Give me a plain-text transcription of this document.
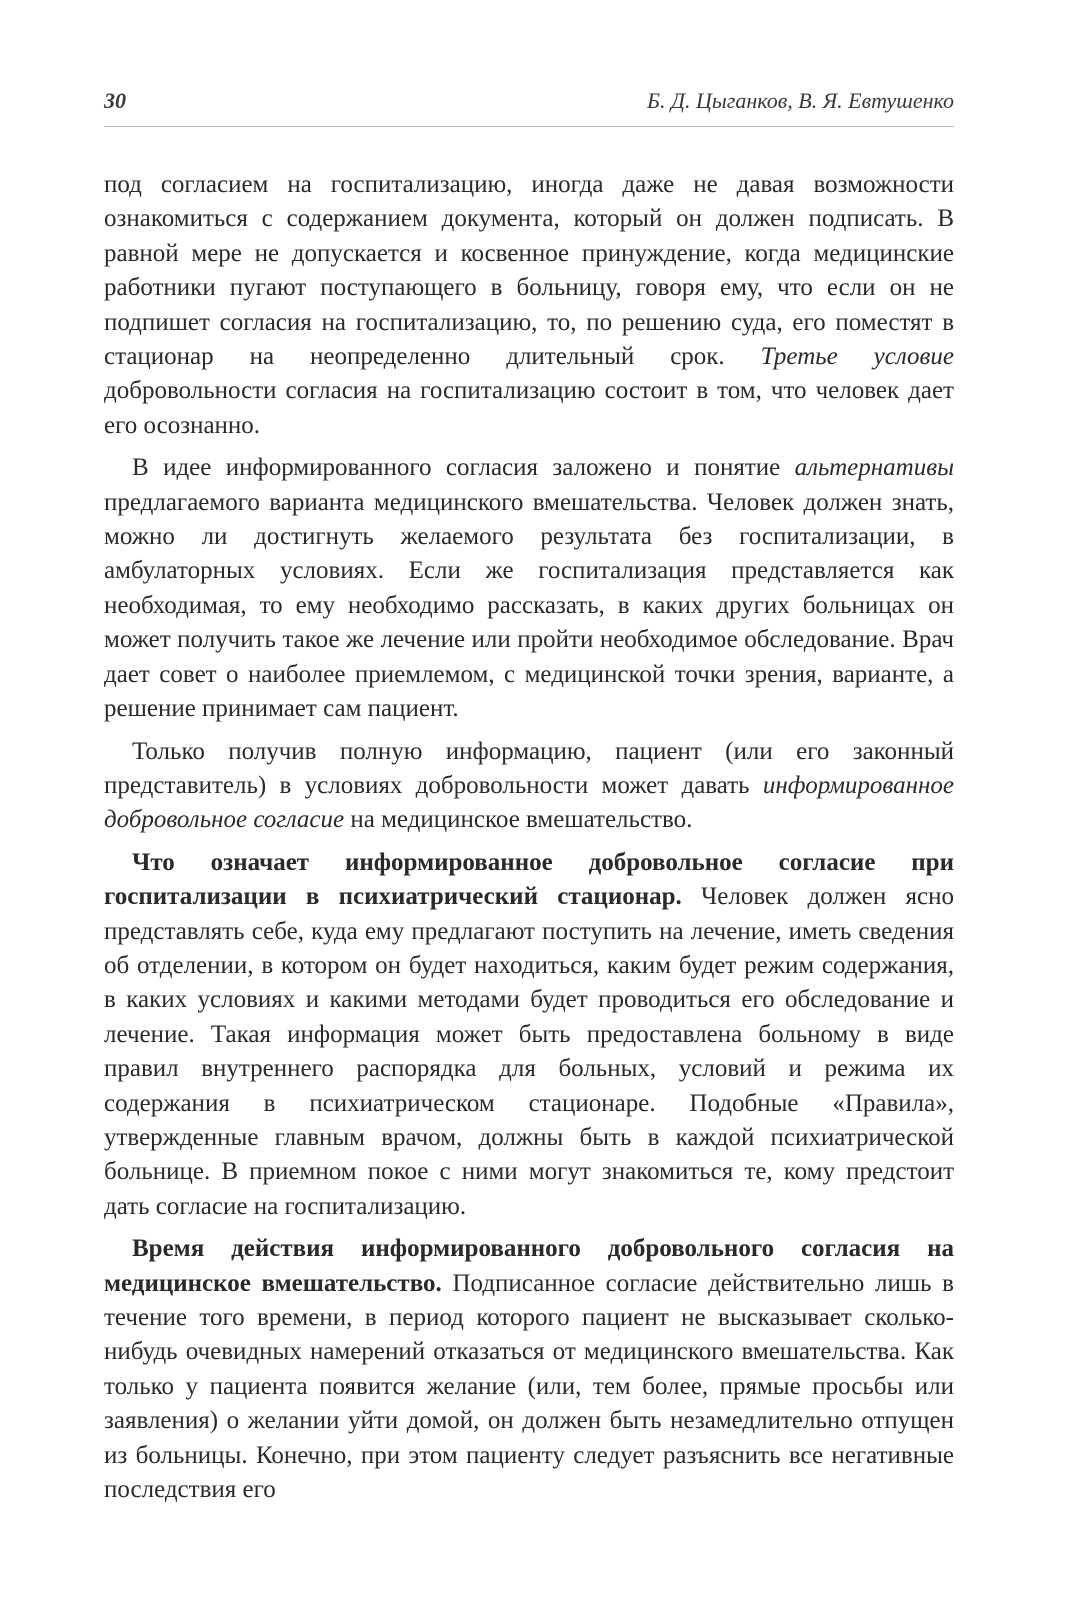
30	Б. Д. Цыганков, В. Я. Евтушенко

под согласием на госпитализацию, иногда даже не давая возможности ознакомиться с содержанием документа, который он должен подписать. В равной мере не допускается и косвенное принуждение, когда медицинские работники пугают поступающего в больницу, говоря ему, что если он не подпишет согласия на госпитализацию, то, по решению суда, его поместят в стационар на неопределенно длительный срок. Третье условие добровольности согласия на госпитализацию состоит в том, что человек дает его осознанно.

В идее информированного согласия заложено и понятие альтернативы предлагаемого варианта медицинского вмешательства. Человек должен знать, можно ли достигнуть желаемого результата без госпитализации, в амбулаторных условиях. Если же госпитализация представляется как необходимая, то ему необходимо рассказать, в каких других больницах он может получить такое же лечение или пройти необходимое обследование. Врач дает совет о наиболее приемлемом, с медицинской точки зрения, варианте, а решение принимает сам пациент.

Только получив полную информацию, пациент (или его законный представитель) в условиях добровольности может давать информированное добровольное согласие на медицинское вмешательство.

Что означает информированное добровольное согласие при госпитализации в психиатрический стационар. Человек должен ясно представлять себе, куда ему предлагают поступить на лечение, иметь сведения об отделении, в котором он будет находиться, каким будет режим содержания, в каких условиях и какими методами будет проводиться его обследование и лечение. Такая информация может быть предоставлена больному в виде правил внутреннего распорядка для больных, условий и режима их содержания в психиатрическом стационаре. Подобные «Правила», утвержденные главным врачом, должны быть в каждой психиатрической больнице. В приемном покое с ними могут знакомиться те, кому предстоит дать согласие на госпитализацию.

Время действия информированного добровольного согласия на медицинское вмешательство. Подписанное согласие действительно лишь в течение того времени, в период которого пациент не высказывает сколько-нибудь очевидных намерений отказаться от медицинского вмешательства. Как только у пациента появится желание (или, тем более, прямые просьбы или заявления) о желании уйти домой, он должен быть незамедлительно отпущен из больницы. Конечно, при этом пациенту следует разъяснить все негативные последствия его
